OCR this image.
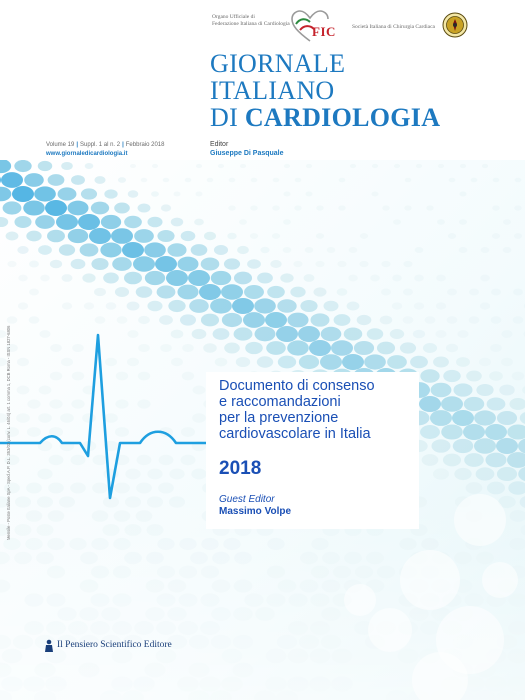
Organo Ufficiale di
Federazione Italiana di Cardiologia
FIC	Società Italiana di Chirurgia Cardiaca
GIORNALE
ITALIANO
DI CARDIOLOGIA
Volume 19 | Suppl. 1 al n. 2 | Febbraio 2018
www.giornaledicardiologia.it
Editor
Giuseppe Di Pasquale
Mensile - Poste Italiane SpA - Sped.A.P. D.L. 353/03 (conv. L. 46/04) art. 1 comma 1, DCB Roma - ISSN 1827-6806	Documento di consenso
e raccomandazioni
per la prevenzione
cardiovascolare in Italia
2018
Guest Editor
Massimo Volpe
Il Pensiero Scientifico Editore
